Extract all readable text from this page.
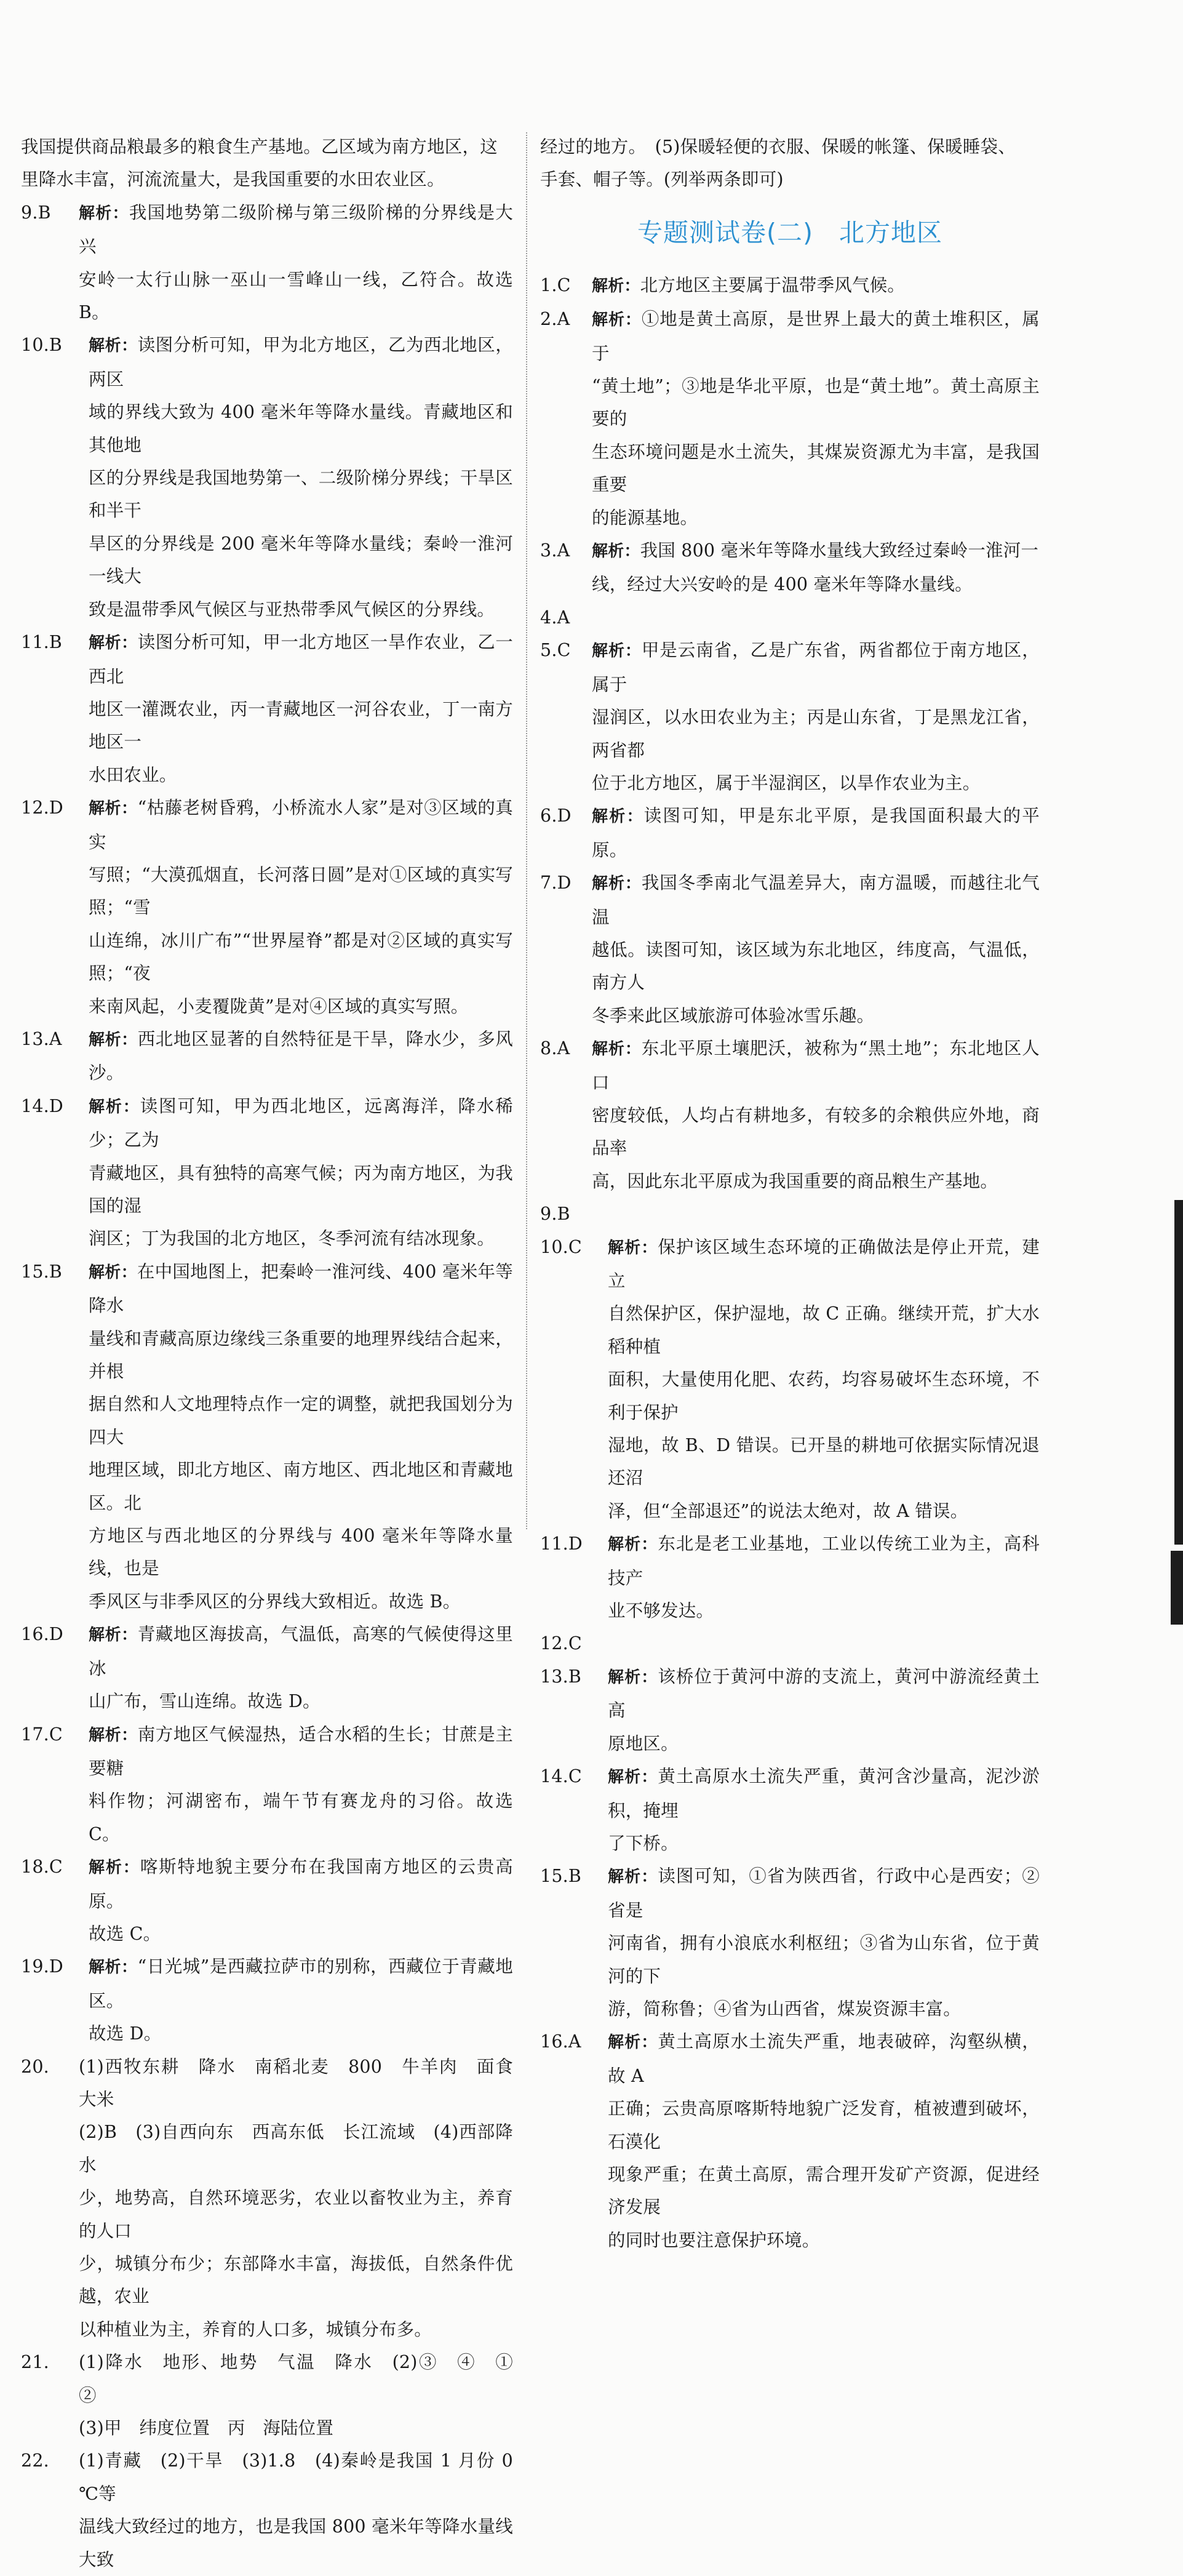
我国提供商品粮最多的粮食生产基地。乙区域为南方地区，这
里降水丰富，河流流量大，是我国重要的水田农业区。
9.B	解析：我国地势第二级阶梯与第三级阶梯的分界线是大兴
安岭一太行山脉一巫山一雪峰山一线，乙符合。故选 B。
10.B	解析：读图分析可知，甲为北方地区，乙为西北地区，两区
域的界线大致为 400 毫米年等降水量线。青藏地区和其他地
区的分界线是我国地势第一、二级阶梯分界线；干旱区和半干
旱区的分界线是 200 毫米年等降水量线；秦岭一淮河一线大
致是温带季风气候区与亚热带季风气候区的分界线。
11.B	解析：读图分析可知，甲一北方地区一旱作农业，乙一西北
地区一灌溉农业，丙一青藏地区一河谷农业，丁一南方地区一
水田农业。
12.D	解析：“枯藤老树昏鸦，小桥流水人家”是对③区域的真实
写照；“大漠孤烟直，长河落日圆”是对①区域的真实写照；“雪
山连绵，冰川广布”“世界屋脊”都是对②区域的真实写照；“夜
来南风起，小麦覆陇黄”是对④区域的真实写照。
13.A	解析：西北地区显著的自然特征是干旱，降水少，多风沙。
14.D	解析：读图可知，甲为西北地区，远离海洋，降水稀少；乙为
青藏地区，具有独特的高寒气候；丙为南方地区，为我国的湿
润区；丁为我国的北方地区，冬季河流有结冰现象。
15.B	解析：在中国地图上，把秦岭一淮河线、400 毫米年等降水
量线和青藏高原边缘线三条重要的地理界线结合起来，并根
据自然和人文地理特点作一定的调整，就把我国划分为四大
地理区域，即北方地区、南方地区、西北地区和青藏地区。北
方地区与西北地区的分界线与 400 毫米年等降水量线，也是
季风区与非季风区的分界线大致相近。故选 B。
16.D	解析：青藏地区海拔高，气温低，高寒的气候使得这里冰
山广布，雪山连绵。故选 D。
17.C	解析：南方地区气候湿热，适合水稻的生长；甘蔗是主要糖
料作物；河湖密布，端午节有赛龙舟的习俗。故选 C。
18.C	解析：喀斯特地貌主要分布在我国南方地区的云贵高原。
故选 C。
19.D	解析：“日光城”是西藏拉萨市的别称，西藏位于青藏地区。
故选 D。
20.	(1)西牧东耕　降水　南稻北麦　800　牛羊肉　面食　大米
(2)B　(3)自西向东　西高东低　长江流域　(4)西部降水
少，地势高，自然环境恶劣，农业以畜牧业为主，养育的人口
少，城镇分布少；东部降水丰富，海拔低，自然条件优越，农业
以种植业为主，养育的人口多，城镇分布多。
21.	(1)降水　地形、地势　气温　降水　(2)③　④　①　②
(3)甲　纬度位置　丙　海陆位置
22.	(1)青藏　(2)干旱　(3)1.8　(4)秦岭是我国 1 月份 0 ℃等
温线大致经过的地方，也是我国 800 毫米年等降水量线大致
经过的地方。　(5)保暖轻便的衣服、保暖的帐篷、保暖睡袋、
手套、帽子等。(列举两条即可)
专题测试卷(二)　北方地区
1.C	解析：北方地区主要属于温带季风气候。
2.A	解析：①地是黄土高原，是世界上最大的黄土堆积区，属于
“黄土地”；③地是华北平原，也是“黄土地”。黄土高原主要的
生态环境问题是水土流失，其煤炭资源尤为丰富，是我国重要
的能源基地。
3.A	解析：我国 800 毫米年等降水量线大致经过秦岭一淮河一
线，经过大兴安岭的是 400 毫米年等降水量线。
4.A
5.C	解析：甲是云南省，乙是广东省，两省都位于南方地区，属于
湿润区，以水田农业为主；丙是山东省，丁是黑龙江省，两省都
位于北方地区，属于半湿润区，以旱作农业为主。
6.D 解析：读图可知，甲是东北平原，是我国面积最大的平原。
7.D 解析：我国冬季南北气温差异大，南方温暖，而越往北气温
越低。读图可知，该区域为东北地区，纬度高，气温低，南方人
冬季来此区域旅游可体验冰雪乐趣。
8.A	解析：东北平原土壤肥沃，被称为“黑土地”；东北地区人口
密度较低，人均占有耕地多，有较多的余粮供应外地，商品率
高，因此东北平原成为我国重要的商品粮生产基地。
9.B
10.C	解析：保护该区域生态环境的正确做法是停止开荒，建立
自然保护区，保护湿地，故 C 正确。继续开荒，扩大水稻种植
面积，大量使用化肥、农药，均容易破坏生态环境，不利于保护
湿地，故 B、D 错误。已开垦的耕地可依据实际情况退还沼
泽，但“全部退还”的说法太绝对，故 A 错误。
11.D	解析：东北是老工业基地，工业以传统工业为主，高科技产
业不够发达。
12.C
13.B	解析：该桥位于黄河中游的支流上，黄河中游流经黄土高
原地区。
14.C	解析：黄土高原水土流失严重，黄河含沙量高，泥沙淤积，掩埋
了下桥。
15.B	解析：读图可知，①省为陕西省，行政中心是西安；②省是
河南省，拥有小浪底水利枢纽；③省为山东省，位于黄河的下
游，简称鲁；④省为山西省，煤炭资源丰富。
16.A	解析：黄土高原水土流失严重，地表破碎，沟壑纵横，故 A
正确；云贵高原喀斯特地貌广泛发育，植被遭到破坏，石漠化
现象严重；在黄土高原，需合理开发矿产资源，促进经济发展
的同时也要注意保护环境。
